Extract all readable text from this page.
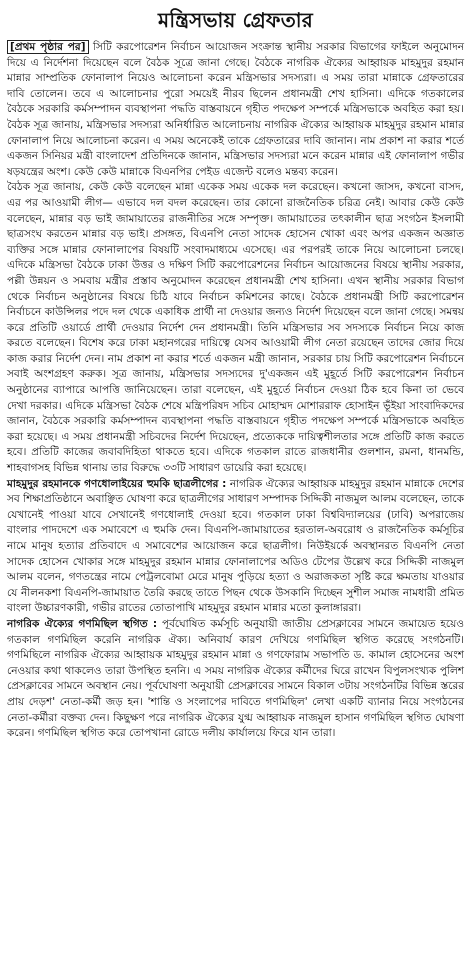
মন্ত্রিসভায় গ্রেফতার

[প্রথম পৃষ্ঠার পর] সিটি করপোরেশন নির্বাচন আয়োজন সংক্রান্ত স্থানীয় সরকার বিভাগের ফাইলে অনুমোদন দিয়ে এ নির্দেশনা দিয়েছেন বলে বৈঠক সূত্রে জানা গেছে। বৈঠকে নাগরিক ঐক্যের আহ্বায়ক মাহমুদুর রহমান মান্নার সাম্প্রতিক ফোনালাপ নিয়েও আলোচনা করেন মন্ত্রিসভার সদস্যরা। এ সময় তারা মান্নাকে গ্রেফতারের দাবি তোলেন। তবে এ আলোচনার পুরো সময়েই নীরব ছিলেন প্রধানমন্ত্রী শেখ হাসিনা। এদিকে গতকালের বৈঠকে সরকারি কর্মসম্পাদন ব্যবস্থাপনা পদ্ধতি বাস্তবায়নে গৃহীত পদক্ষেপ সম্পর্কে মন্ত্রিসভাকে অবহিত করা হয়। বৈঠক সূত্র জানায়, মন্ত্রিসভার সদস্যরা অনির্ধারিত আলোচনায় নাগরিক ঐক্যের আহ্বায়ক মাহমুদুর রহমান মান্নার ফোনালাপ নিয়ে আলোচনা করেন। এ সময় অনেকেই তাকে গ্রেফতারের দাবি জানান। নাম প্রকাশ না করার শর্তে একজন সিনিয়র মন্ত্রী বাংলাদেশ প্রতিদিনকে জানান, মন্ত্রিসভার সদস্যরা মনে করেন মান্নার এই ফোনালাপ গভীর ষড়যন্ত্রের অংশ। কেউ কেউ মান্নাকে বিএনপির পেইড এজেন্ট বলেও মন্তব্য করেন।

বৈঠক সূত্র জানায়, কেউ কেউ বলেছেন মান্না একেক সময় একেক দল করেছেন। কখনো জাসদ, কখনো বাসদ, এর পর আওয়ামী লীগ— এভাবে দল বদল করেছেন। তার কোনো রাজনৈতিক চরিত্র নেই। আবার কেউ কেউ বলেছেন, মান্নার বড় ভাই জামায়াতের রাজনীতির সঙ্গে সম্পৃক্ত। জামায়াতের তৎকালীন ছাত্র সংগঠন ইসলামী ছাত্রসংঘ করতেন মান্নার বড় ভাই। প্রসঙ্গত, বিএনপি নেতা সাদেক হোসেন খোকা এবং অপর একজন অজ্ঞাত ব্যক্তির সঙ্গে মান্নার ফোনালাপের বিষয়টি সংবাদমাধ্যমে এসেছে। এর পরপরই তাকে নিয়ে আলোচনা চলছে। এদিকে মন্ত্রিসভা বৈঠকে ঢাকা উত্তর ও দক্ষিণ সিটি করপোরেশনের নির্বাচন আয়োজনের বিষয়ে স্থানীয় সরকার, পল্লী উন্নয়ন ও সমবায় মন্ত্রীর প্রস্তাব অনুমোদন করেছেন প্রধানমন্ত্রী শেখ হাসিনা। এখন স্থানীয় সরকার বিভাগ থেকে নির্বাচন অনুষ্ঠানের বিষয়ে চিঠি যাবে নির্বাচন কমিশনের কাছে। বৈঠকে প্রধানমন্ত্রী সিটি করপোরেশন নির্বাচনে কাউন্সিলর পদে দল থেকে একাধিক প্রার্থী না দেওয়ার জন্যও নির্দেশ দিয়েছেন বলে জানা গেছে। সমন্বয় করে প্রতিটি ওয়ার্ডে প্রার্থী দেওয়ার নির্দেশ দেন প্রধানমন্ত্রী। তিনি মন্ত্রিসভার সব সদস্যকে নির্বাচন নিয়ে কাজ করতে বলেছেন। বিশেষ করে ঢাকা মহানগরের দায়িত্বে যেসব আওয়ামী লীগ নেতা রয়েছেন তাদের জোর দিয়ে কাজ করার নির্দেশ দেন। নাম প্রকাশ না করার শর্তে একজন মন্ত্রী জানান, সরকার চায় সিটি করপোরেশন নির্বাচনে সবাই অংশগ্রহণ করুক। সূত্র জানায়, মন্ত্রিসভার সদস্যদের দু'একজন এই মুহূর্তে সিটি করপোরেশন নির্বাচন অনুষ্ঠানের ব্যাপারে আপত্তি জানিয়েছেন। তারা বলেছেন, এই মুহূর্তে নির্বাচন দেওয়া ঠিক হবে কিনা তা ভেবে দেখা দরকার। এদিকে মন্ত্রিসভা বৈঠক শেষে মন্ত্রিপরিষদ সচিব মোহাম্মদ মোশাররাফ হোসাইন ভূঁইয়া সাংবাদিকদের জানান, বৈঠকে সরকারি কর্মসম্পাদন ব্যবস্থাপনা পদ্ধতি বাস্তবায়নে গৃহীত পদক্ষেপ সম্পর্কে মন্ত্রিসভাকে অবহিত করা হয়েছে। এ সময় প্রধানমন্ত্রী সচিবদের নির্দেশ দিয়েছেন, প্রত্যেককে দায়িত্বশীলতার সঙ্গে প্রতিটি কাজ করতে হবে। প্রতিটি কাজের জবাবদিহিতা থাকতে হবে। এদিকে গতকাল রাতে রাজধানীর গুলশান, রমনা, ধানমন্ডি, শাহবাগসহ বিভিন্ন থানায় তার বিরুদ্ধে ৩৩টি সাধারণ ডায়েরি করা হয়েছে।

মাহমুদুর রহমানকে গণধোলাইয়ের হুমকি ছাত্রলীগের : নাগরিক ঐক্যের আহ্বায়ক মাহমুদুর রহমান মান্নাকে দেশের সব শিক্ষাপ্রতিষ্ঠানে অবাঞ্ছিত ঘোষণা করে ছাত্রলীগের সাধারণ সম্পাদক সিদ্দিকী নাজমুল আলম বলেছেন, তাকে যেখানেই পাওয়া যাবে সেখানেই গণধোলাই দেওয়া হবে। গতকাল ঢাকা বিশ্ববিদ্যালয়ের (ঢাবি) অপরাজেয় বাংলার পাদদেশে এক সমাবেশে এ হুমকি দেন। বিএনপি-জামায়াতের হরতাল-অবরোধ ও রাজনৈতিক কর্মসূচির নামে মানুষ হত্যার প্রতিবাদে এ সমাবেশের আয়োজন করে ছাত্রলীগ। নিউইয়র্কে অবস্থানরত বিএনপি নেতা সাদেক হোসেন খোকার সঙ্গে মাহমুদুর রহমান মান্নার ফোনালাপের অডিও টেপের উল্লেখ করে সিদ্দিকী নাজমুল আলম বলেন, গণতন্ত্রের নামে পেট্রলবোমা মেরে মানুষ পুড়িয়ে হত্যা ও অরাজকতা সৃষ্টি করে ক্ষমতায় যাওয়ার যে নীলনকশা বিএনপি-জামায়াত তৈরি করছে তাতে পিছন থেকে উসকানি দিচ্ছেন সুশীল সমাজ নামধারী প্রমিত বাংলা উচ্চারণকারী, গভীর রাতের তোতাপাখি মাহমুদুর রহমান মান্নার মতো কুলাঙ্গাররা।

নাগরিক ঐক্যের গণমিছিল স্থগিত : পূর্বঘোষিত কর্মসূচি অনুযায়ী জাতীয় প্রেসক্লাবের সামনে জমায়েত হয়েও গতকাল গণমিছিল করেনি নাগরিক ঐক্য। অনিবার্য কারণ দেখিয়ে গণমিছিল স্থগিত করেছে সংগঠনটি। গণমিছিলে নাগরিক ঐক্যের আহ্বায়ক মাহমুদুর রহমান মান্না ও গণফোরাম সভাপতি ড. কামাল হোসেনের অংশ নেওয়ার কথা থাকলেও তারা উপস্থিত হননি। এ সময় নাগরিক ঐক্যের কর্মীদের ঘিরে রাখেন বিপুলসংখ্যক পুলিশ প্রেসক্লাবের সামনে অবস্থান নেয়। পূর্বঘোষণা অনুযায়ী প্রেসক্লাবের সামনে বিকাল ৩টায় সংগঠনটির বিভিন্ন স্তরের প্রায় দেড়শ' নেতা-কর্মী জড় হন। 'শান্তি ও সংলাপের দাবিতে গণমিছিল' লেখা একটি ব্যানার নিয়ে সংগঠনের নেতা-কর্মীরা বক্তব্য দেন। কিছুক্ষণ পরে নাগরিক ঐক্যের যুগ্ম আহ্বায়ক নাজমুল হাসান গণমিছিল স্থগিত ঘোষণা করেন। গণমিছিল স্থগিত করে তোপখানা রোডে দলীয় কার্যালয়ে ফিরে যান তারা।
